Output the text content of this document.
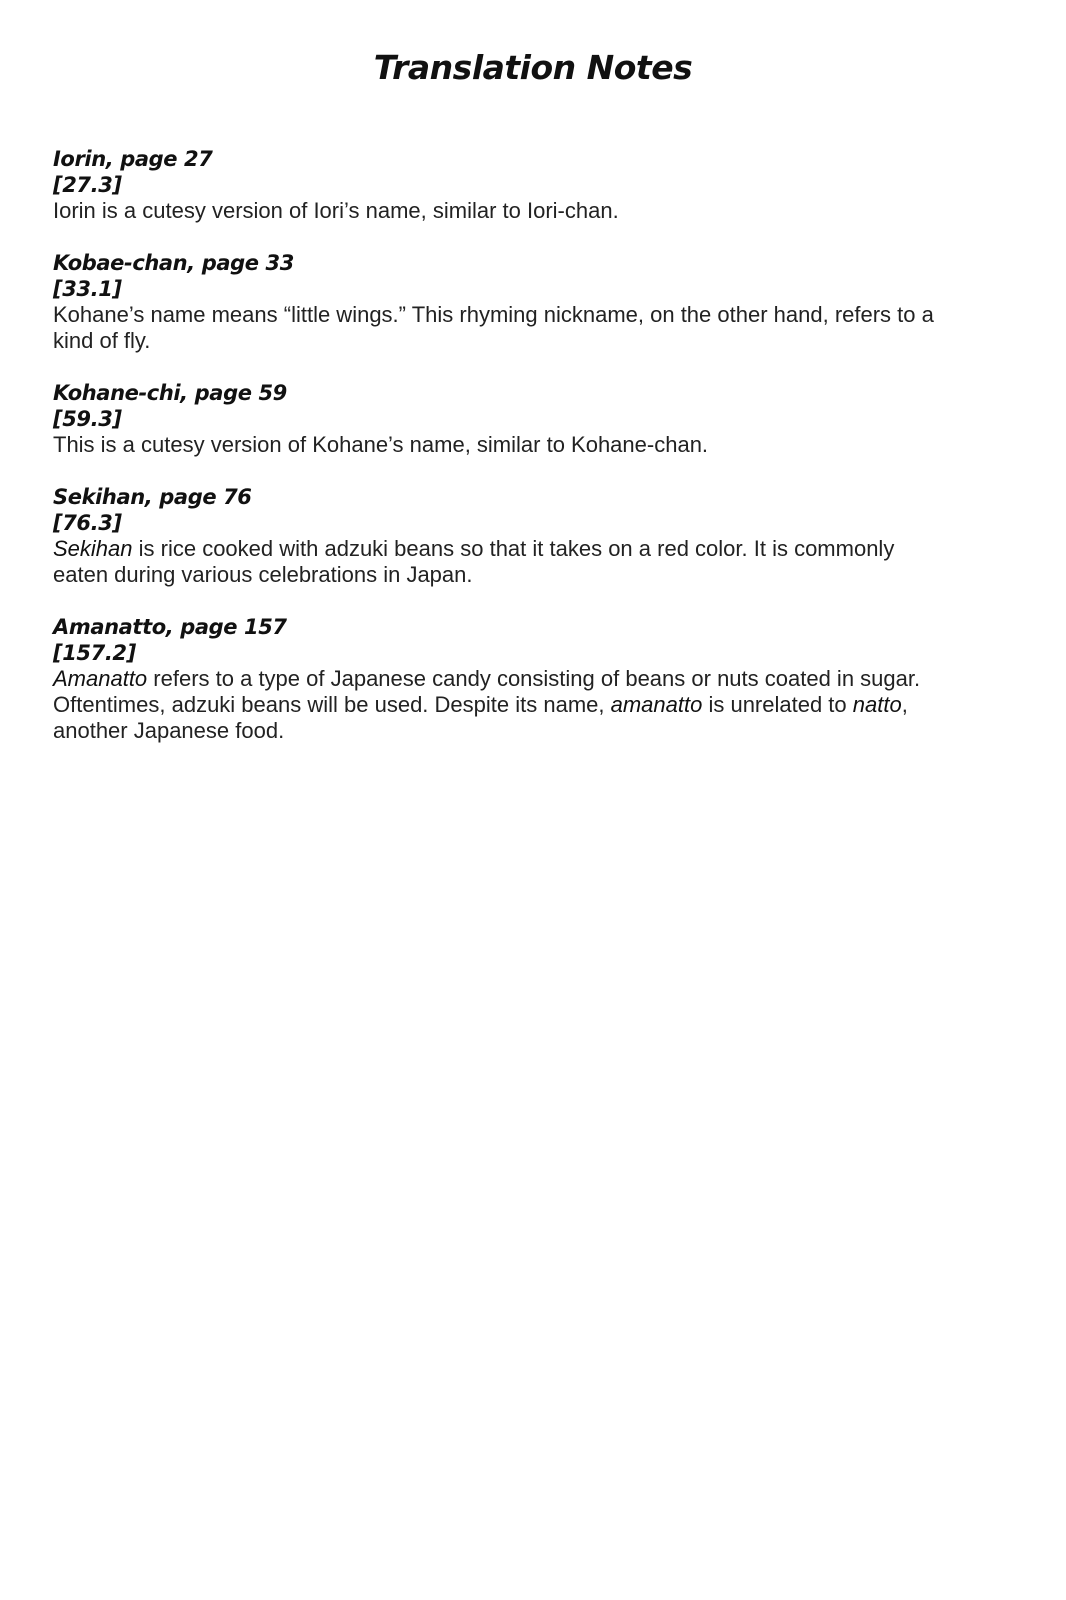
Translation Notes

Iorin, page 27

[27.3]

Iorin is a cutesy version of Iori’s name, similar to Iori-chan.

Kobae-chan, page 33

[33.1]

Kohane’s name means “little wings.” This rhyming nickname, on the other hand, refers to a kind of fly.

Kohane-chi, page 59

[59.3]

This is a cutesy version of Kohane’s name, similar to Kohane-chan.

Sekihan, page 76

[76.3]

Sekihan is rice cooked with adzuki beans so that it takes on a red color. It is commonly eaten during various celebrations in Japan.

Amanatto, page 157

[157.2]

Amanatto refers to a type of Japanese candy consisting of beans or nuts coated in sugar. Oftentimes, adzuki beans will be used. Despite its name, amanatto is unrelated to natto, another Japanese food.
